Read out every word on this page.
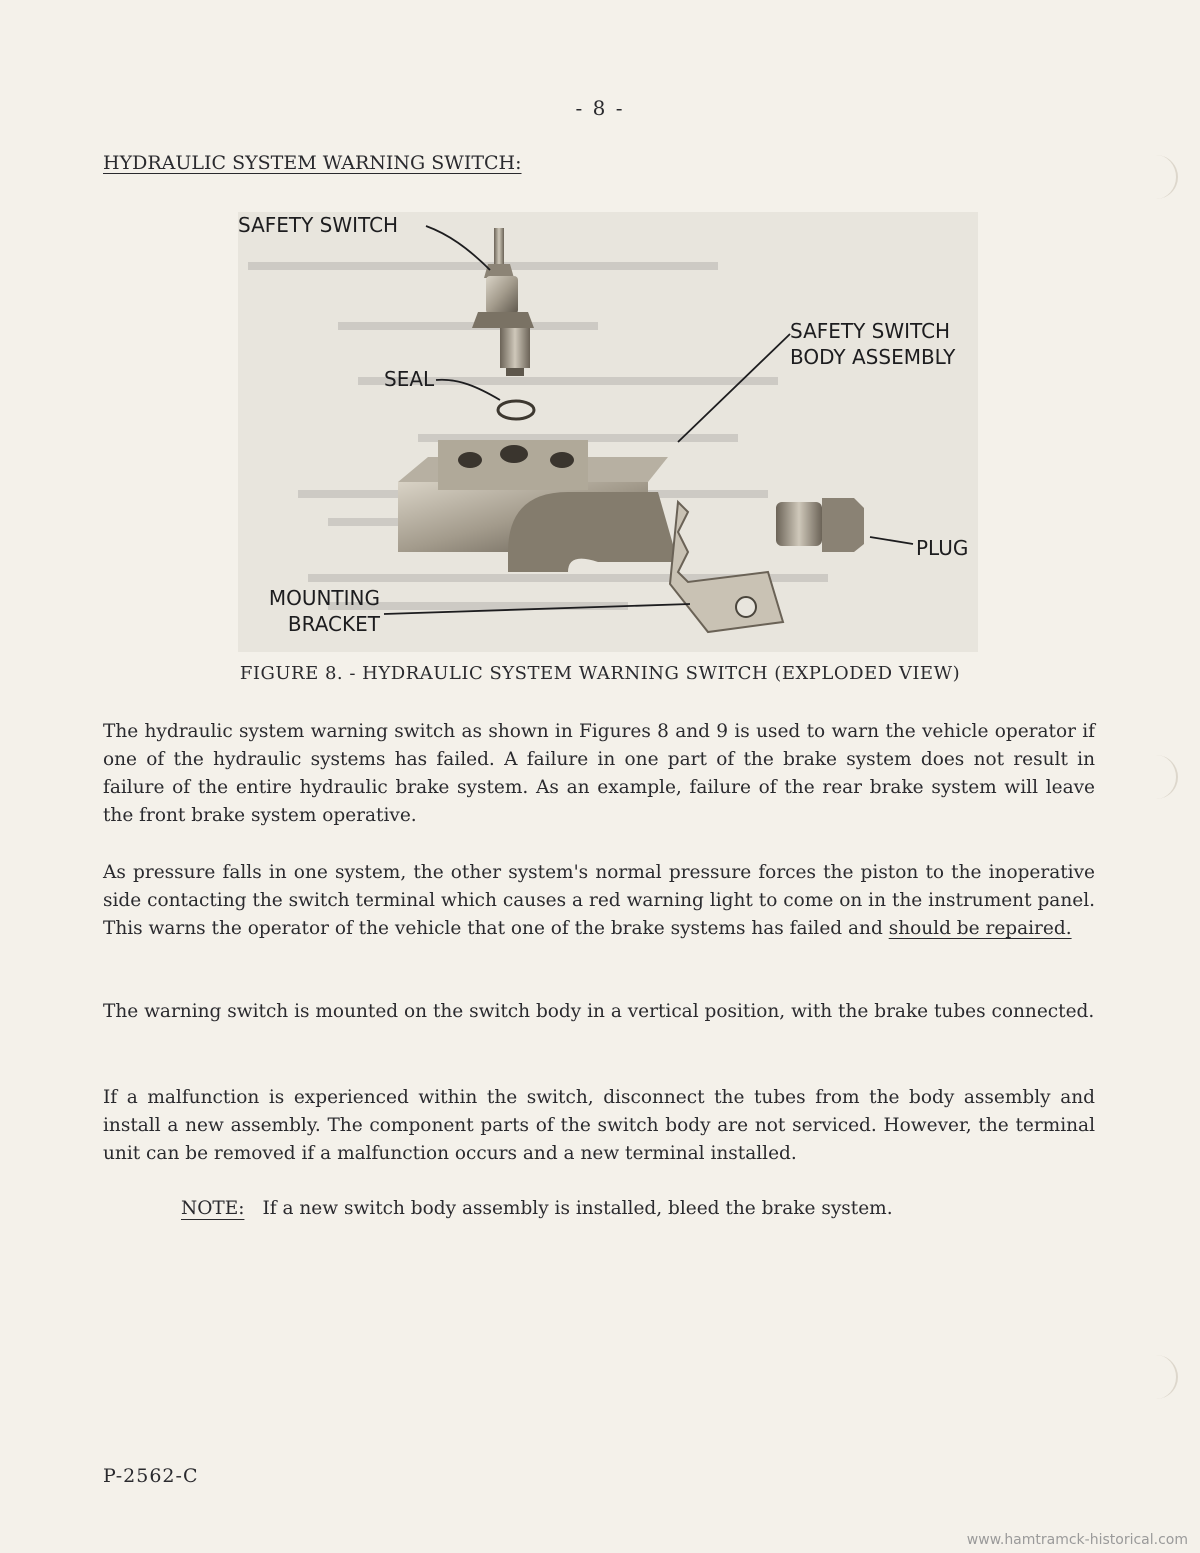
- 8 -
HYDRAULIC SYSTEM WARNING SWITCH:
SAFETY SWITCH
SEAL
SAFETY SWITCH
BODY ASSEMBLY
PLUG
MOUNTING
BRACKET
FIGURE 8. - HYDRAULIC SYSTEM WARNING SWITCH (EXPLODED VIEW)

The hydraulic system warning switch as shown in Figures 8 and 9 is used to warn the vehicle operator if one of the hydraulic systems has failed. A failure in one part of the brake system does not result in failure of the entire hydraulic brake system. As an example, failure of the rear brake system will leave the front brake system operative.

As pressure falls in one system, the other system's normal pressure forces the piston to the inoperative side contacting the switch terminal which causes a red warning light to come on in the instrument panel. This warns the operator of the vehicle that one of the brake systems has failed and should be repaired.

The warning switch is mounted on the switch body in a vertical position, with the brake tubes connected.

If a malfunction is experienced within the switch, disconnect the tubes from the body assembly and install a new assembly. The component parts of the switch body are not serviced. However, the terminal unit can be removed if a malfunction occurs and a new terminal installed.

NOTE: If a new switch body assembly is installed, bleed the brake system.
P-2562-C
www.hamtramck-historical.com
